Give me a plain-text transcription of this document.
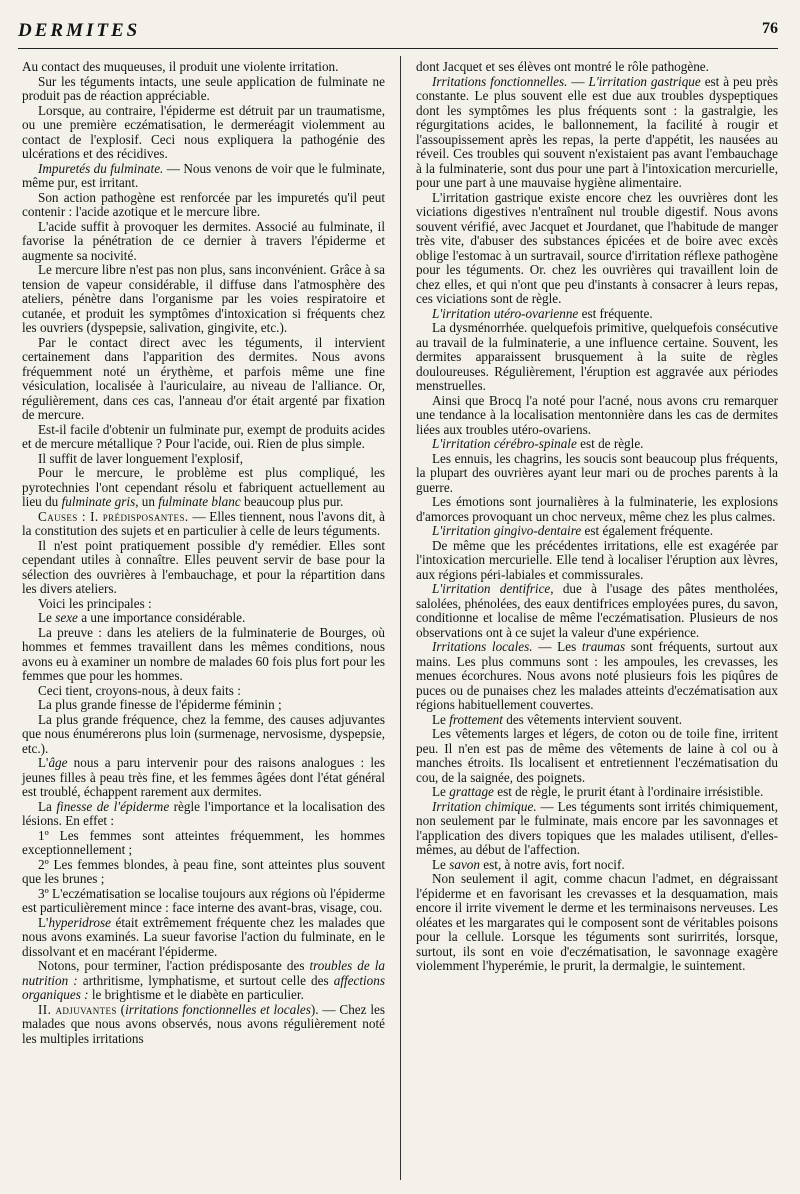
DERMITES	76

Au contact des muqueuses, il produit une violente irritation.

Sur les téguments intacts, une seule application de fulminate ne produit pas de réaction appréciable.

Lorsque, au contraire, l'épiderme est détruit par un traumatisme, ou une première eczématisation, le dermeréagit violemment au contact de l'explosif. Ceci nous expliquera la pathogénie des ulcérations et des récidives.

Impuretés du fulminate. — Nous venons de voir que le fulminate, même pur, est irritant.

Son action pathogène est renforcée par les impuretés qu'il peut contenir : l'acide azotique et le mercure libre.

L'acide suffit à provoquer les dermites. Associé au fulminate, il favorise la pénétration de ce dernier à travers l'épiderme et augmente sa nocivité.

Le mercure libre n'est pas non plus, sans inconvénient. Grâce à sa tension de vapeur considérable, il diffuse dans l'atmosphère des ateliers, pénètre dans l'organisme par les voies respiratoire et cutanée, et produit les symptômes d'intoxication si fréquents chez les ouvriers (dyspepsie, salivation, gingivite, etc.).

Par le contact direct avec les téguments, il intervient certainement dans l'apparition des dermites. Nous avons fréquemment noté un érythème, et parfois même une fine vésiculation, localisée à l'auriculaire, au niveau de l'alliance. Or, régulièrement, dans ces cas, l'anneau d'or était argenté par fixation de mercure.

Est-il facile d'obtenir un fulminate pur, exempt de produits acides et de mercure métallique ? Pour l'acide, oui. Rien de plus simple.

Il suffit de laver longuement l'explosif,

Pour le mercure, le problème est plus compliqué, les pyrotechnies l'ont cependant résolu et fabriquent actuellement au lieu du fulminate gris, un fulminate blanc beaucoup plus pur.

Causes : I. prédisposantes. — Elles tiennent, nous l'avons dit, à la constitution des sujets et en particulier à celle de leurs téguments.

Il n'est point pratiquement possible d'y remédier. Elles sont cependant utiles à connaître. Elles peuvent servir de base pour la sélection des ouvrières à l'embauchage, et pour la répartition dans les divers ateliers.

Voici les principales :

Le sexe a une importance considérable.

La preuve : dans les ateliers de la fulminaterie de Bourges, où hommes et femmes travaillent dans les mêmes conditions, nous avons eu à examiner un nombre de malades 60 fois plus fort pour les femmes que pour les hommes.

Ceci tient, croyons-nous, à deux faits :

La plus grande finesse de l'épiderme féminin ;

La plus grande fréquence, chez la femme, des causes adjuvantes que nous énumérerons plus loin (surmenage, nervosisme, dyspepsie, etc.).

L'âge nous a paru intervenir pour des raisons analogues : les jeunes filles à peau très fine, et les femmes âgées dont l'état général est troublé, échappent rarement aux dermites.

La finesse de l'épiderme règle l'importance et la localisation des lésions. En effet :

1º Les femmes sont atteintes fréquemment, les hommes exceptionnellement ;

2º Les femmes blondes, à peau fine, sont atteintes plus souvent que les brunes ;

3º L'eczématisation se localise toujours aux régions où l'épiderme est particulièrement mince : face interne des avant-bras, visage, cou.

L'hyperidrose était extrêmement fréquente chez les malades que nous avons examinés. La sueur favorise l'action du fulminate, en le dissolvant et en macérant l'épiderme.

Notons, pour terminer, l'action prédisposante des troubles de la nutrition : arthritisme, lymphatisme, et surtout celle des affections organiques : le brightisme et le diabète en particulier.

II. adjuvantes (irritations fonctionnelles et locales). — Chez les malades que nous avons observés, nous avons régulièrement noté les multiples irritations

dont Jacquet et ses élèves ont montré le rôle pathogène.

Irritations fonctionnelles. — L'irritation gastrique est à peu près constante. Le plus souvent elle est due aux troubles dyspeptiques dont les symptômes les plus fréquents sont : la gastralgie, les régurgitations acides, le ballonnement, la facilité à rougir et l'assoupissement après les repas, la perte d'appétit, les nausées au réveil. Ces troubles qui souvent n'existaient pas avant l'embauchage à la fulminaterie, sont dus pour une part à l'intoxication mercurielle, pour une part à une mauvaise hygiène alimentaire.

L'irritation gastrique existe encore chez les ouvrières dont les viciations digestives n'entraînent nul trouble digestif. Nous avons souvent vérifié, avec Jacquet et Jourdanet, que l'habitude de manger très vite, d'abuser des substances épicées et de boire avec excès oblige l'estomac à un surtravail, source d'irritation réflexe pathogène pour les téguments. Or. chez les ouvrières qui travaillent loin de chez elles, et qui n'ont que peu d'instants à consacrer à leurs repas, ces viciations sont de règle.

L'irritation utéro-ovarienne est fréquente.

La dysménorrhée. quelquefois primitive, quelquefois consécutive au travail de la fulminaterie, a une influence certaine. Souvent, les dermites apparaissent brusquement à la suite de règles douloureuses. Régulièrement, l'éruption est aggravée aux périodes menstruelles.

Ainsi que Brocq l'a noté pour l'acné, nous avons cru remarquer une tendance à la localisation mentonnière dans les cas de dermites liées aux troubles utéro-ovariens.

L'irritation cérébro-spinale est de règle.

Les ennuis, les chagrins, les soucis sont beaucoup plus fréquents, la plupart des ouvrières ayant leur mari ou de proches parents à la guerre.

Les émotions sont journalières à la fulminaterie, les explosions d'amorces provoquant un choc nerveux, même chez les plus calmes.

L'irritation gingivo-dentaire est également fréquente.

De même que les précédentes irritations, elle est exagérée par l'intoxication mercurielle. Elle tend à localiser l'éruption aux lèvres, aux régions péri-labiales et commissurales.

L'irritation dentifrice, due à l'usage des pâtes mentholées, salolées, phénolées, des eaux dentifrices employées pures, du savon, conditionne et localise de même l'eczématisation. Plusieurs de nos observations ont à ce sujet la valeur d'une expérience.

Irritations locales. — Les traumas sont fréquents, surtout aux mains. Les plus communs sont : les ampoules, les crevasses, les menues écorchures. Nous avons noté plusieurs fois les piqûres de puces ou de punaises chez les malades atteints d'eczématisation aux régions habituellement couvertes.

Le frottement des vêtements intervient souvent.

Les vêtements larges et légers, de coton ou de toile fine, irritent peu. Il n'en est pas de même des vêtements de laine à col ou à manches étroits. Ils localisent et entretiennent l'eczématisation du cou, de la saignée, des poignets.

Le grattage est de règle, le prurit étant à l'ordinaire irrésistible.

Irritation chimique. — Les téguments sont irrités chimiquement, non seulement par le fulminate, mais encore par les savonnages et l'application des divers topiques que les malades utilisent, d'elles-mêmes, au début de l'affection.

Le savon est, à notre avis, fort nocif.

Non seulement il agit, comme chacun l'admet, en dégraissant l'épiderme et en favorisant les crevasses et la desquamation, mais encore il irrite vivement le derme et les terminaisons nerveuses. Les oléates et les margarates qui le composent sont de véritables poisons pour la cellule. Lorsque les téguments sont surirrités, lorsque, surtout, ils sont en voie d'eczématisation, le savonnage exagère violemment l'hyperémie, le prurit, la dermalgie, le suintement.
